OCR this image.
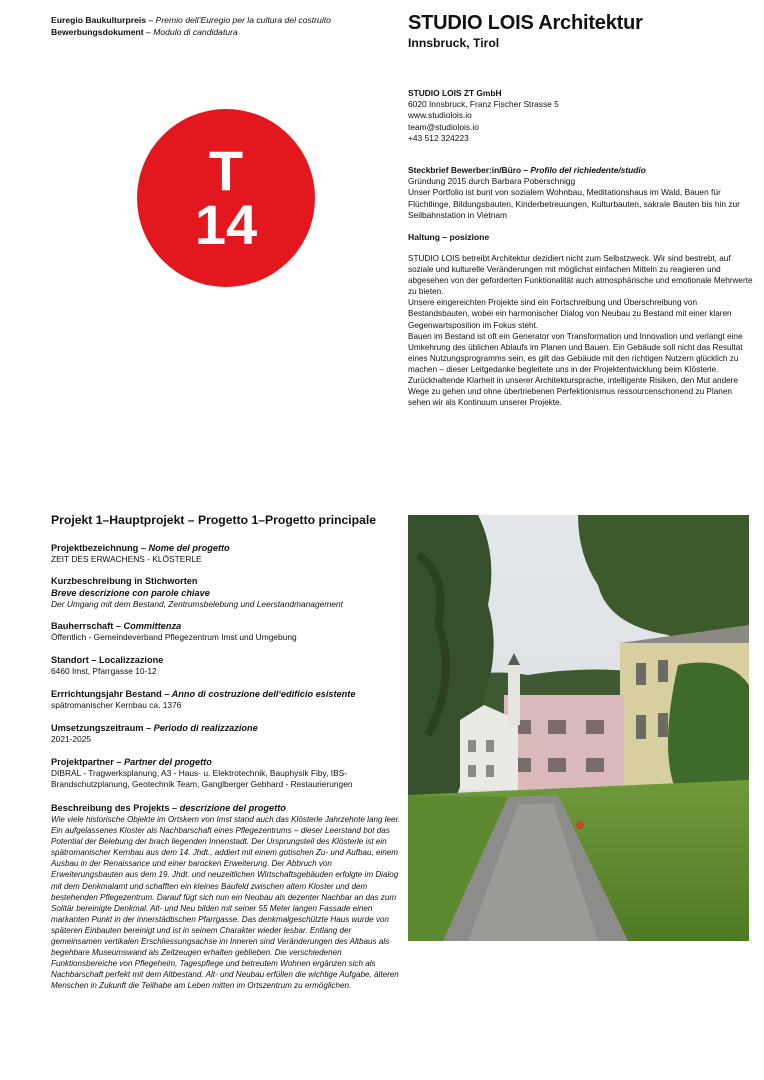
Euregio Baukulturpreis – Premio dell’Euregio per la cultura del costruito
Bewerbungsdokument – Modulo di candidatura	STUDIO LOIS Architektur
Innsbruck, Tirol
T
14
STUDIO LOIS ZT GmbH
6020 Innsbruck, Franz Fischer Strasse 5
www.studiolois.io
team@studiolois.io
+43 512 324223
Steckbrief Bewerber:in/Büro – Profilo del richiedente/studio
Gründung 2015 durch Barbara Poberschnigg
Unser Portfolio ist bunt von sozialem Wohnbau, Meditationshaus im Wald, Bauen für Flüchtlinge, Bildungsbauten, Kinderbetreuungen, Kulturbauten, sakrale Bauten bis hin zur Seilbahnstation in Vietnam
Haltung – posizione

STUDIO LOIS betreibt Architektur dezidiert nicht zum Selbstzweck. Wir sind bestrebt, auf soziale und kulturelle Veränderungen mit möglichst einfachen Mitteln zu reagieren und abgesehen von der geforderten Funktionalität auch atmosphärische und emotionale Mehrwerte zu bieten.

Unsere eingereichten Projekte sind ein Fortschreibung und Überschreibung von Bestandsbauten, wobei ein harmonischer Dialog von Neubau zu Bestand mit einer klaren Gegenwartsposition im Fokus steht.

Bauen im Bestand ist oft ein Generator von Transformation und Innovation und verlangt eine Umkehrung des üblichen Ablaufs im Planen und Bauen. Ein Gebäude soll nicht das Resultat eines Nutzungsprogramms sein, es gilt das Gebäude mit den richtigen Nutzern glücklich zu machen – dieser Leitgedanke begleitete uns in der Projektentwicklung beim Klösterle.

Zurückhaltende Klarheit in unserer Architektursprache, intelligente Risiken, den Mut andere Wege zu gehen und ohne übertriebenen Perfektionismus ressourcenschonend zu Planen sehen wir als Kontinuum unserer Projekte.

Projekt 1–Hauptprojekt – Progetto 1–Progetto principale
Projektbezeichnung – Nome del progetto
ZEIT DES ERWACHENS - KLÖSTERLE
Kurzbeschreibung in Stichworten
Breve descrizione con parole chiave
Der Umgang mit dem Bestand, Zentrumsbelebung und Leerstandmanagement
Bauherrschaft – Committenza
Öffentlich - Gemeindeverband Pflegezentrum Imst und Umgebung
Standort – Localizzazione
6460 Imst, Pfarrgasse 10-12
Errrichtungsjahr Bestand – Anno di costruzione dell‘edificio esistente
spätromanischer Kernbau ca. 1376
Umsetzungszeitraum – Periodo di realizzazione
2021-2025
Projektpartner – Partner del progetto
DIBRAL - Tragwerksplanung, A3 - Haus- u. Elektrotechnik, Bauphysik Fiby, IBS-Brandschutzplanung, Geotechnik Team, Ganglberger Gebhard - Restaurierungen
Beschreibung des Projekts – descrizione del progetto
Wie viele historische Objekte im Ortskern von Imst stand auch das Klösterle Jahrzehnte lang leer. Ein aufgelassenes Kloster als Nachbarschaft eines Pflegezentrums – dieser Leerstand bot das Potential der Belebung der brach liegenden Innenstadt. Der Ursprungsteil des Klösterle ist ein spätromanischer Kernbau aus dem 14. Jhdt., addiert mit einem gotischen Zu- und Aufbau, einem Ausbau in der Renaissance und einer barocken Erweiterung. Der Abbruch von Erweiterungsbauten aus dem 19. Jhdt. und neuzeitlichen Wirtschaftsgebäuden erfolgte im Dialog mit dem Denkmalamt und schafften ein kleines Baufeld zwischen altem Kloster und dem bestehenden Pflegezentrum. Darauf fügt sich nun ein Neubau als dezenter Nachbar an das zum Solitär bereinigte Denkmal. Alt- und Neu bilden mit seiner 55 Meter langen Fassade einen markanten Punkt in der innerstädtischen Pfarrgasse. Das denkmalgeschützte Haus wurde von späteren Einbauten bereinigt und ist in seinem Charakter wieder lesbar. Entlang der gemeinsamen vertikalen Erschliessungsachse im Inneren sind Veränderungen des Altbaus als begehbare Museumswand als Zeitzeugen erhalten geblieben. Die verschiedenen Funktionsbereiche von Pflegeheim, Tagespflege und betreutem Wohnen ergänzen sich als Nachbarschaft perfekt mit dem Altbestand. Alt- und Neubau erfüllen die wichtige Aufgabe, älteren Menschen in Zukunft die Teilhabe am Leben mitten im Ortszentrum zu ermöglichen.
